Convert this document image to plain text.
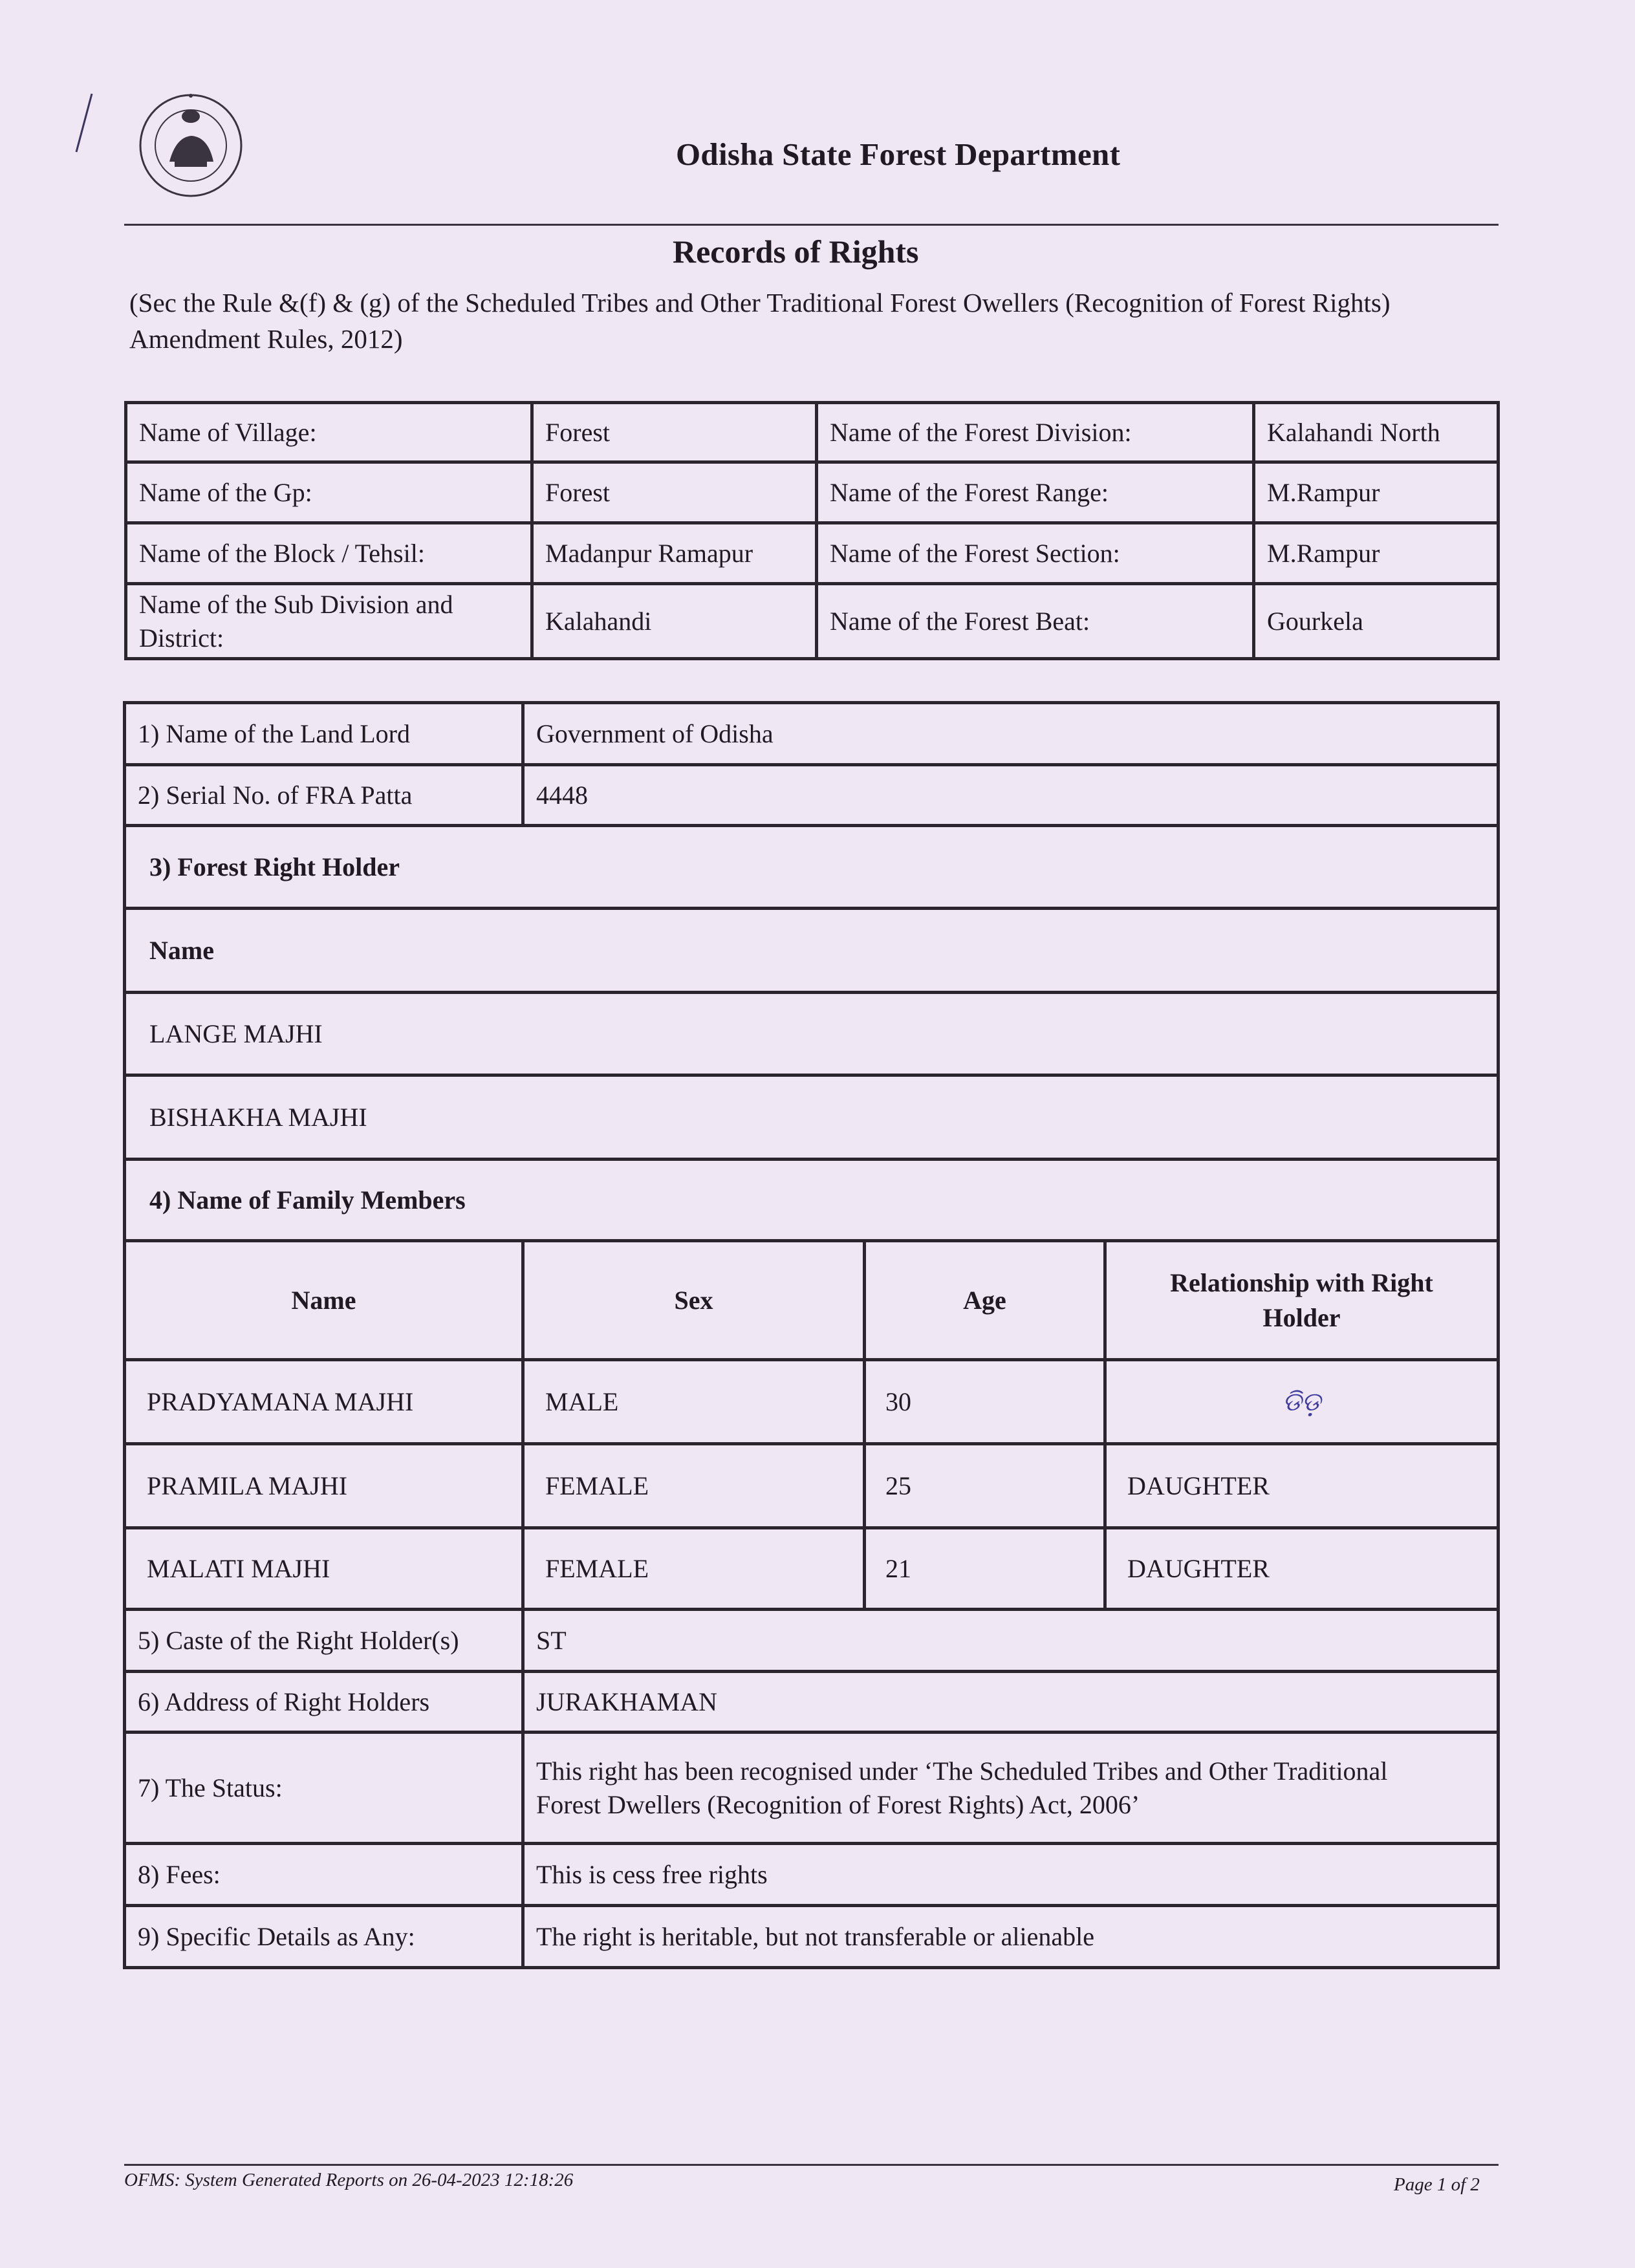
Odisha State Forest Department
Records of Rights
(Sec the Rule &(f) & (g) of the Scheduled Tribes and Other Traditional Forest Owellers (Recognition of Forest Rights) Amendment Rules, 2012)
Name of Village:	Forest	Name of the Forest Division:	Kalahandi North
Name of the Gp:	Forest	Name of the Forest Range:	M.Rampur
Name of the Block / Tehsil:	Madanpur Ramapur	Name of the Forest Section:	M.Rampur
Name of the Sub Division and District:	Kalahandi	Name of the Forest Beat:	Gourkela
1) Name of the Land Lord	Government of Odisha
2) Serial No. of FRA Patta	4448
3) Forest Right Holder	
Name	
LANGE MAJHI	
BISHAKHA MAJHI	
4) Name of Family Members	
Name	Sex	Age	Relationship with Right Holder
PRADYAMANA MAJHI	MALE	30	ଡିଡ଼
PRAMILA MAJHI	FEMALE	25	DAUGHTER
MALATI MAJHI	FEMALE	21	DAUGHTER
5) Caste of the Right Holder(s)	ST
6) Address of Right Holders	JURAKHAMAN
7) The Status:	This right has been recognised under ‘The Scheduled Tribes and Other Traditional
Forest Dwellers (Recognition of Forest Rights) Act, 2006’

8) Fees:	This is cess free rights
9) Specific Details as Any:	The right is heritable, but not transferable or alienable
OFMS: System Generated Reports on 26-04-2023 12:18:26	Page 1 of 2
